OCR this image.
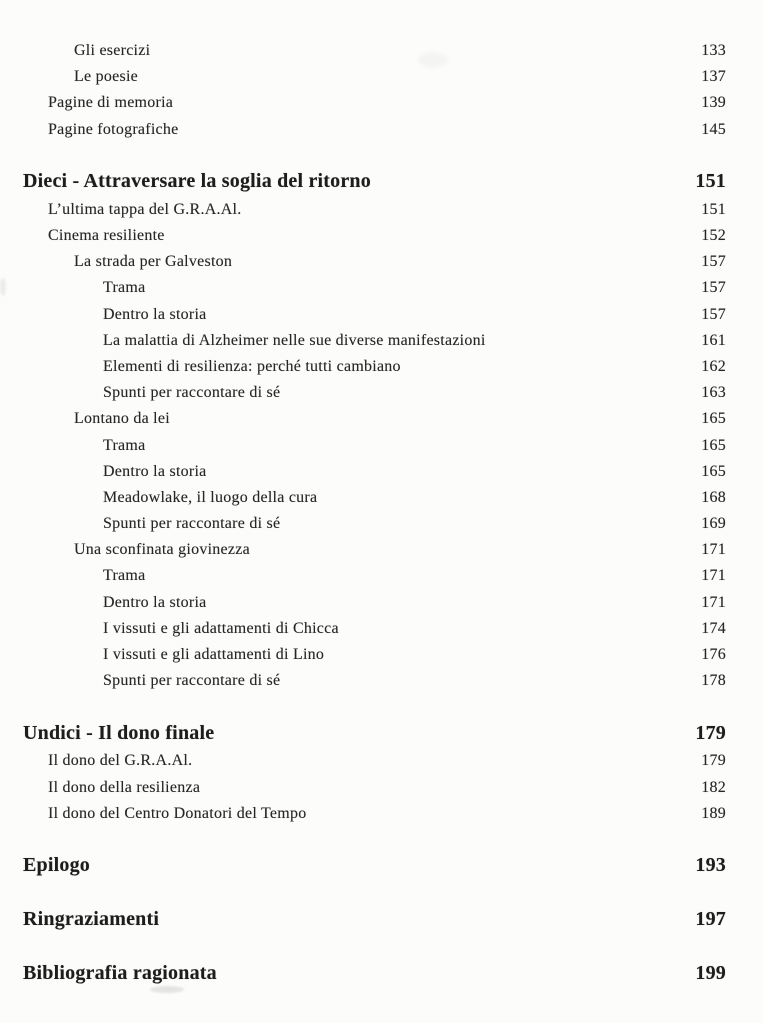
Gli esercizi	133
Le poesie	137
Pagine di memoria	139
Pagine fotografiche	145
Dieci - Attraversare la soglia del ritorno	151
L’ultima tappa del G.R.A.Al.	151
Cinema resiliente	152
La strada per Galveston	157
Trama	157
Dentro la storia	157
La malattia di Alzheimer nelle sue diverse manifestazioni	161
Elementi di resilienza: perché tutti cambiano	162
Spunti per raccontare di sé	163
Lontano da lei	165
Trama	165
Dentro la storia	165
Meadowlake, il luogo della cura	168
Spunti per raccontare di sé	169
Una sconfinata giovinezza	171
Trama	171
Dentro la storia	171
I vissuti e gli adattamenti di Chicca	174
I vissuti e gli adattamenti di Lino	176
Spunti per raccontare di sé	178
Undici - Il dono finale	179
Il dono del G.R.A.Al.	179
Il dono della resilienza	182
Il dono del Centro Donatori del Tempo	189
Epilogo	193
Ringraziamenti	197
Bibliografia ragionata	199
